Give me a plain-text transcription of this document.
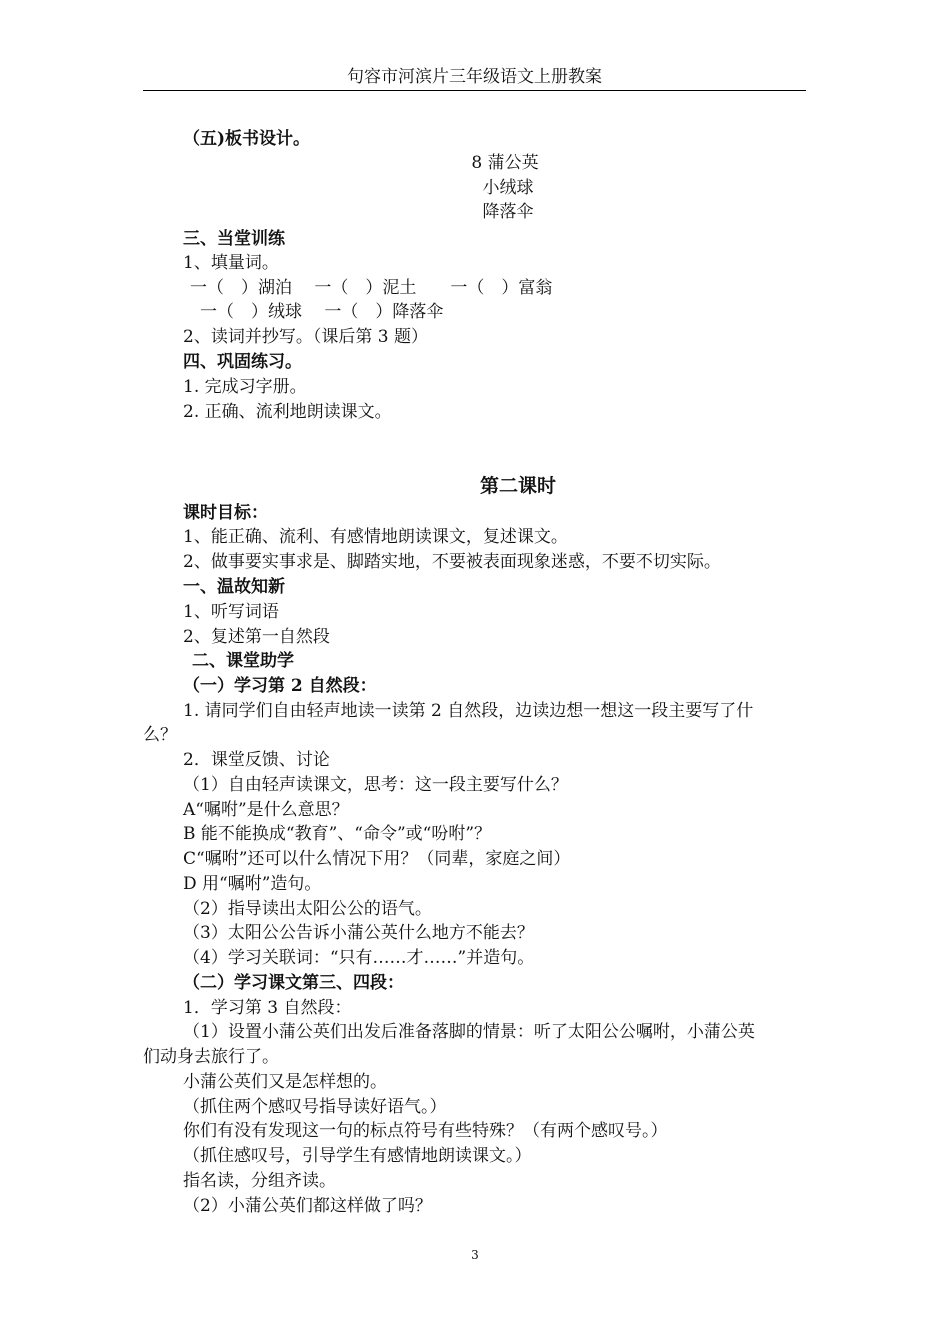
句容市河滨片三年级语文上册教案
（五)板书设计。
8 蒲公英
小绒球
降落伞
三、当堂训练
1、填量词。
一（　）湖泊　 一（　）泥土　　一（　）富翁
一（　）绒球　 一（　）降落伞
2、读词并抄写。（课后第 3 题）
四、巩固练习。
1. 完成习字册。
2. 正确、流利地朗读课文。
第二课时
课时目标：
1、能正确、流利、有感情地朗读课文，复述课文。
2、做事要实事求是、脚踏实地，不要被表面现象迷惑，不要不切实际。
一、温故知新
1、听写词语
2、复述第一自然段
二、课堂助学
（一）学习第 2 自然段：
1. 请同学们自由轻声地读一读第 2 自然段，边读边想一想这一段主要写了什
么？
2．课堂反馈、讨论
（1）自由轻声读课文，思考：这一段主要写什么？
A“嘱咐”是什么意思？
B 能不能换成“教育”、“命令”或“吩咐”？
C“嘱咐”还可以什么情况下用？（同辈，家庭之间）
D 用“嘱咐”造句。
（2）指导读出太阳公公的语气。
（3）太阳公公告诉小蒲公英什么地方不能去？
（4）学习关联词：“只有……才……”并造句。
（二）学习课文第三、四段：
1．学习第 3 自然段：
（1）设置小蒲公英们出发后准备落脚的情景：听了太阳公公嘱咐，小蒲公英
们动身去旅行了。
小蒲公英们又是怎样想的。
（抓住两个感叹号指导读好语气。）
你们有没有发现这一句的标点符号有些特殊？（有两个感叹号。）
（抓住感叹号，引导学生有感情地朗读课文。）
指名读，分组齐读。
（2）小蒲公英们都这样做了吗？
3
